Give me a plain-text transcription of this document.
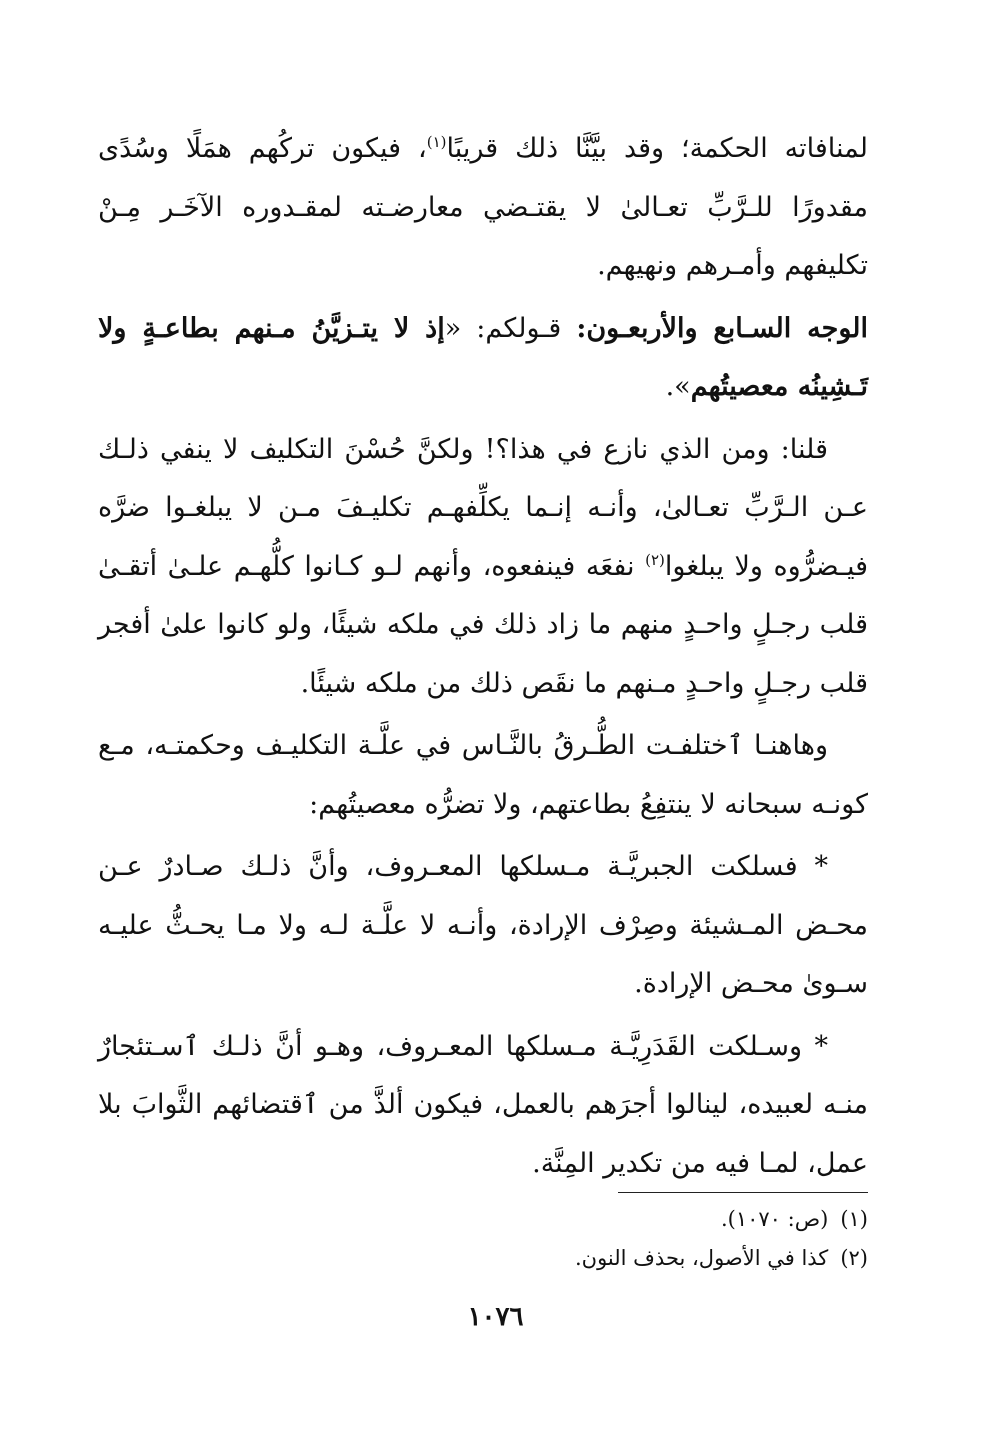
لمنافاته الحكمة؛ وقد بيَّنَّا ذلك قريبًا$^{(١)}$، فيكون تركُهم همَلًا وسُدًى مقدورًا للـرَّبِّ تعـالىٰ لا يقتـضي معارضـته لمقـدوره الآخَـر مِـنْ تكليفهم وأمـرهم ونهيهم.

الوجه السـابع والأربعـون: قـولكم: «إذ لا يتـزيَّنُ مـنهم بطاعـةٍ ولا تَـشِينُه معصيتُهم».

قلنا: ومن الذي نازع في هذا؟! ولكنَّ حُسْنَ التكليف لا ينفي ذلـك عـن الـرَّبِّ تعـالىٰ، وأنـه إنـما يكلِّفهـم تكليـفَ مـن لا يبلغـوا ضرَّه فيـضرُّوه ولا يبلغوا$^{(٢)}$ نفعَه فينفعوه، وأنهم لـو كـانوا كلُّهـم علـىٰ أتقـىٰ قلب رجـلٍ واحـدٍ منهم ما زاد ذلك في ملكه شيئًا، ولو كانوا علىٰ أفجر قلب رجـلٍ واحـدٍ مـنهم ما نقَص ذلك من ملكه شيئًا.

وهاهنـا ٱختلفـت الطُّـرقُ بالنَّـاس في علَّـة التكليـف وحكمتـه، مـع كونـه سبحانه لا ينتفِعُ بطاعتهم، ولا تضرُّه معصيتُهم:

* فسلكت الجبريَّـة مـسلكها المعـروف، وأنَّ ذلـك صـادرٌ عـن محـض المـشيئة وصِرْف الإرادة، وأنـه لا علَّـة لـه ولا مـا يحـثُّ عليـه سـوىٰ محـض الإرادة.

* وسـلكت القَدَرِيَّـة مـسلكها المعـروف، وهـو أنَّ ذلـك ٱسـتئجارٌ منـه لعبيده، لينالوا أجرَهم بالعمل، فيكون ألذَّ من ٱقتضائهم الثَّوابَ بلا عمل، لمـا فيه من تكدير المِنَّة.

(١)(ص: ١٠٧٠).

(٢)كذا في الأصول، بحذف النون.

١٠٧٦
